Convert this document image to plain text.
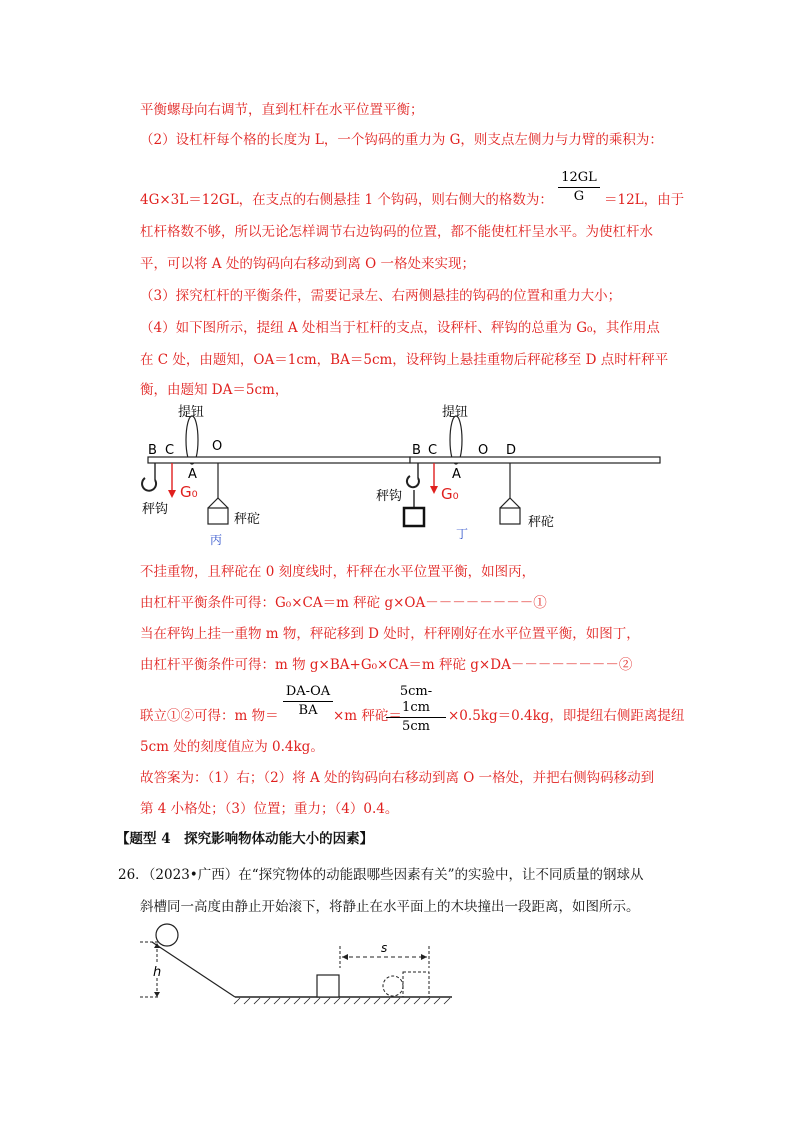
平衡螺母向右调节，直到杠杆在水平位置平衡；
（2）设杠杆每个格的长度为 L，一个钩码的重力为 G，则支点左侧力与力臂的乘积为：
4G×3L＝12GL，在支点的右侧悬挂 1 个钩码，则右侧大的格数为：
12GL
G	＝12L，由于
杠杆格数不够，所以无论怎样调节右边钩码的位置，都不能使杠杆呈水平。为使杠杆水
平，可以将 A 处的钩码向右移动到离 O 一格处来实现；
（3）探究杠杆的平衡条件，需要记录左、右两侧悬挂的钩码的位置和重力大小；
（4）如下图所示，提纽 A 处相当于杠杆的支点，设秤杆、秤钩的总重为 G₀，其作用点
在 C 处，由题知，OA＝1cm，BA＝5cm，设秤钩上悬挂重物后秤砣移至 D 点时杆秤平
衡，由题知 DA＝5cm，
提钮
B C	O
A
秤钩
G₀
秤砣
丙
提钮
B C	O
A
D
秤钩	G₀
秤砣
丁
不挂重物，且秤砣在 0 刻度线时，杆秤在水平位置平衡，如图丙，
由杠杆平衡条件可得：G₀×CA＝m 秤砣 g×OA－－－－－－－－①
当在秤钩上挂一重物 m 物，秤砣移到 D 处时，杆秤刚好在水平位置平衡，如图丁，
由杠杆平衡条件可得：m 物 g×BA+G₀×CA＝m 秤砣 g×DA－－－－－－－－②
联立①②可得：m 物＝
DA-OA
BA	×m 秤砣＝
5cm-1cm
5cm
×0.5kg＝0.4kg，即提纽右侧距离提纽
5cm 处的刻度值应为 0.4kg。
故答案为：（1）右；（2）将 A 处的钩码向右移动到离 O 一格处，并把右侧钩码移动到
第 4 小格处；（3）位置；重力；（4）0.4。
【题型 4　探究影响物体动能大小的因素】
26．（2023•广西）在“探究物体的动能跟哪些因素有关”的实验中，让不同质量的钢球从
斜槽同一高度由静止开始滚下，将静止在水平面上的木块撞出一段距离，如图所示。
h
s
